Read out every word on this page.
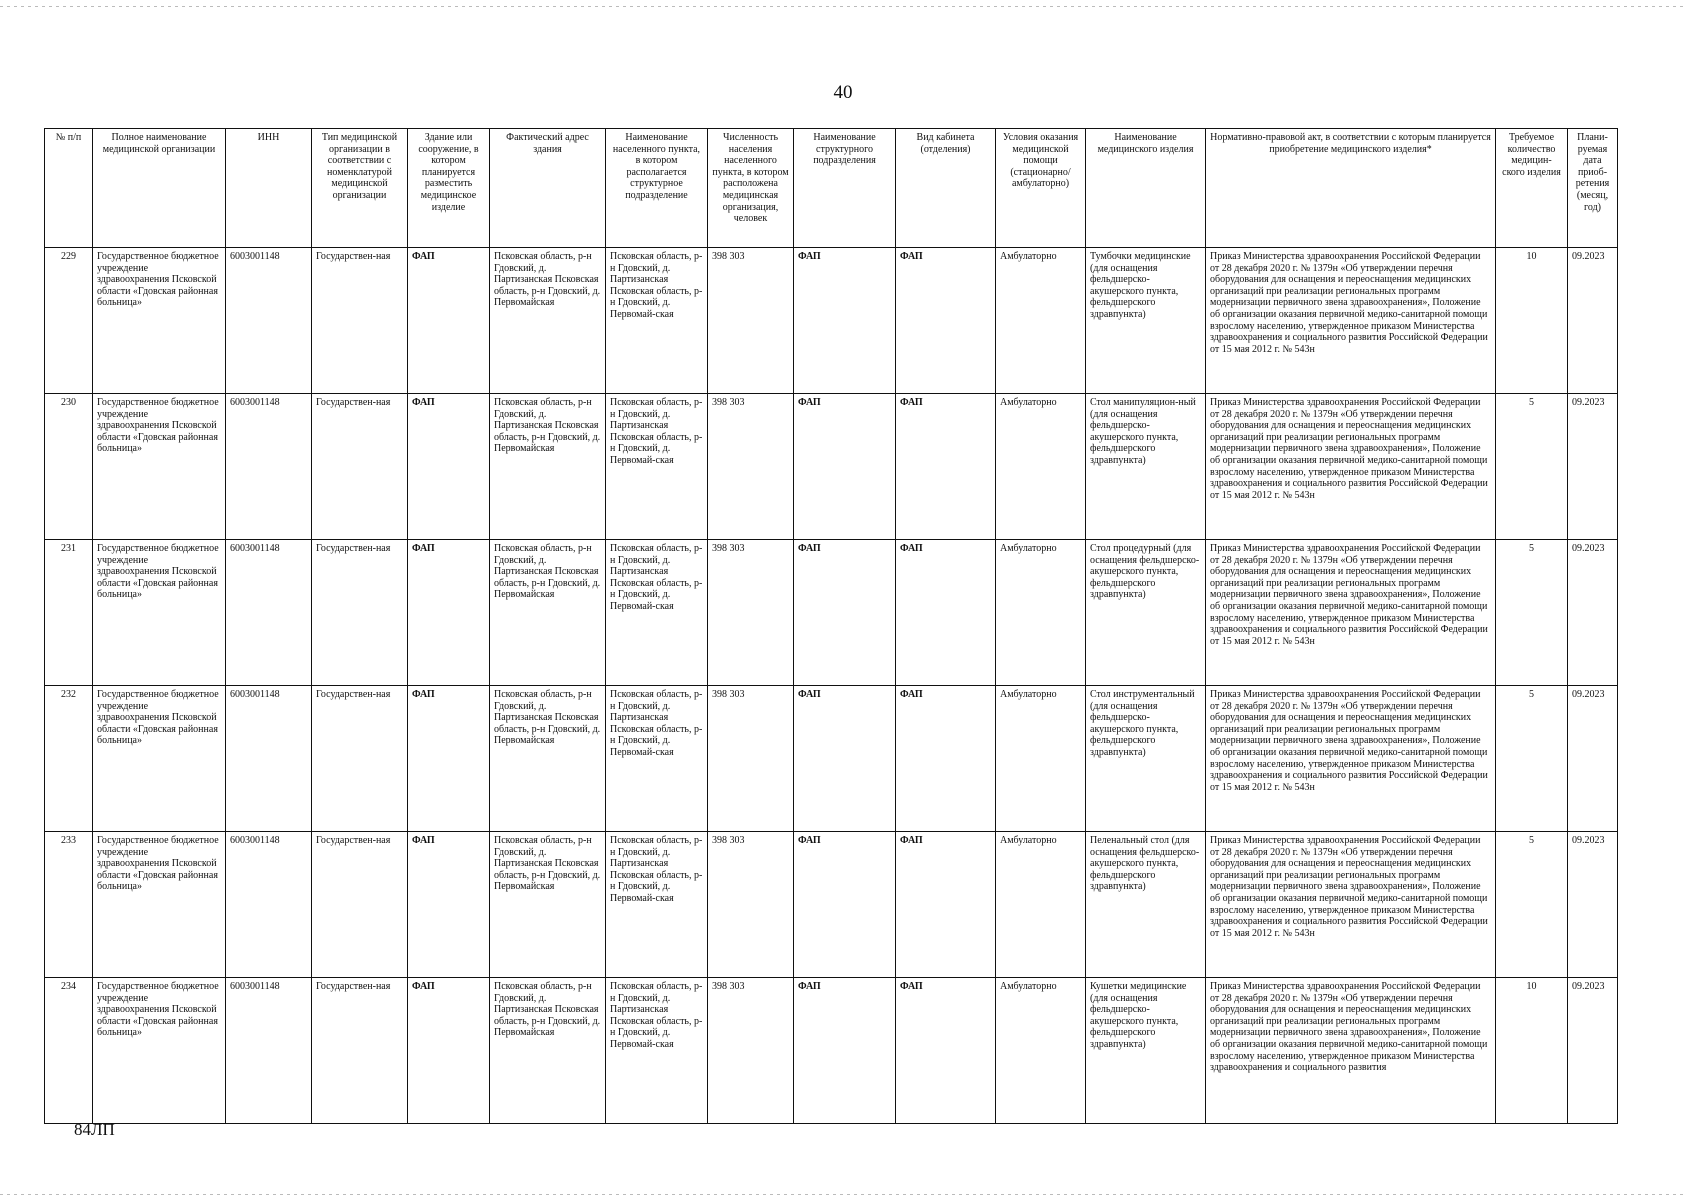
40
№ п/п	Полное наименование медицинской организации	ИНН	Тип медицинской организации в соответствии с номенклатурой медицинской организации	Здание или сооружение, в котором планируется разместить медицинское изделие	Фактический адрес здания	Наименование населенного пункта, в котором располагается структурное подразделение	Численность населения населенного пункта, в котором расположена медицинская организация, человек	Наименование структурного подразделения	Вид кабинета (отделения)	Условия оказания медицинской помощи (стационарно/ амбулаторно)	Наименование медицинского изделия	Нормативно-правовой акт, в соответствии с которым планируется приобретение медицинского изделия*	Требуемое количество медицин-ского изделия	Плани-руемая дата приоб-ретения (месяц, год)
229	Государственное бюджетное учреждение здравоохранения Псковской области «Гдовская районная больница»	6003001148	Государствен-ная	ФАП	Псковская область, р-н Гдовский, д. Партизанская Псковская область, р-н Гдовский, д. Первомайская	Псковская область, р-н Гдовский, д. Партизанская Псковская область, р-н Гдовский, д. Первомай-ская	398 303	ФАП	ФАП	Амбулаторно	Тумбочки медицинские (для оснащения фельдшерско-акушерского пункта, фельдшерского здравпункта)	Приказ Министерства здравоохранения Российской Федерации от 28 декабря 2020 г. № 1379н «Об утверждении перечня оборудования для оснащения и переоснащения медицинских организаций при реализации региональных программ модернизации первичного звена здравоохранения», Положение об организации оказания первичной медико-санитарной помощи взрослому населению, утвержденное приказом Министерства здравоохранения и социального развития Российской Федерации от 15 мая 2012 г. № 543н	10	09.2023
230	Государственное бюджетное учреждение здравоохранения Псковской области «Гдовская районная больница»	6003001148	Государствен-ная	ФАП	Псковская область, р-н Гдовский, д. Партизанская Псковская область, р-н Гдовский, д. Первомайская	Псковская область, р-н Гдовский, д. Партизанская Псковская область, р-н Гдовский, д. Первомай-ская	398 303	ФАП	ФАП	Амбулаторно	Стол манипуляцион-ный (для оснащения фельдшерско-акушерского пункта, фельдшерского здравпункта)	Приказ Министерства здравоохранения Российской Федерации от 28 декабря 2020 г. № 1379н «Об утверждении перечня оборудования для оснащения и переоснащения медицинских организаций при реализации региональных программ модернизации первичного звена здравоохранения», Положение об организации оказания первичной медико-санитарной помощи взрослому населению, утвержденное приказом Министерства здравоохранения и социального развития Российской Федерации от 15 мая 2012 г. № 543н	5	09.2023
231	Государственное бюджетное учреждение здравоохранения Псковской области «Гдовская районная больница»	6003001148	Государствен-ная	ФАП	Псковская область, р-н Гдовский, д. Партизанская Псковская область, р-н Гдовский, д. Первомайская	Псковская область, р-н Гдовский, д. Партизанская Псковская область, р-н Гдовский, д. Первомай-ская	398 303	ФАП	ФАП	Амбулаторно	Стол процедурный (для оснащения фельдшерско-акушерского пункта, фельдшерского здравпункта)	Приказ Министерства здравоохранения Российской Федерации от 28 декабря 2020 г. № 1379н «Об утверждении перечня оборудования для оснащения и переоснащения медицинских организаций при реализации региональных программ модернизации первичного звена здравоохранения», Положение об организации оказания первичной медико-санитарной помощи взрослому населению, утвержденное приказом Министерства здравоохранения и социального развития Российской Федерации от 15 мая 2012 г. № 543н	5	09.2023
232	Государственное бюджетное учреждение здравоохранения Псковской области «Гдовская районная больница»	6003001148	Государствен-ная	ФАП	Псковская область, р-н Гдовский, д. Партизанская Псковская область, р-н Гдовский, д. Первомайская	Псковская область, р-н Гдовский, д. Партизанская Псковская область, р-н Гдовский, д. Первомай-ская	398 303	ФАП	ФАП	Амбулаторно	Стол инструментальный (для оснащения фельдшерско-акушерского пункта, фельдшерского здравпункта)	Приказ Министерства здравоохранения Российской Федерации от 28 декабря 2020 г. № 1379н «Об утверждении перечня оборудования для оснащения и переоснащения медицинских организаций при реализации региональных программ модернизации первичного звена здравоохранения», Положение об организации оказания первичной медико-санитарной помощи взрослому населению, утвержденное приказом Министерства здравоохранения и социального развития Российской Федерации от 15 мая 2012 г. № 543н	5	09.2023
233	Государственное бюджетное учреждение здравоохранения Псковской области «Гдовская районная больница»	6003001148	Государствен-ная	ФАП	Псковская область, р-н Гдовский, д. Партизанская Псковская область, р-н Гдовский, д. Первомайская	Псковская область, р-н Гдовский, д. Партизанская Псковская область, р-н Гдовский, д. Первомай-ская	398 303	ФАП	ФАП	Амбулаторно	Пеленальный стол (для оснащения фельдшерско-акушерского пункта, фельдшерского здравпункта)	Приказ Министерства здравоохранения Российской Федерации от 28 декабря 2020 г. № 1379н «Об утверждении перечня оборудования для оснащения и переоснащения медицинских организаций при реализации региональных программ модернизации первичного звена здравоохранения», Положение об организации оказания первичной медико-санитарной помощи взрослому населению, утвержденное приказом Министерства здравоохранения и социального развития Российской Федерации от 15 мая 2012 г. № 543н	5	09.2023
234	Государственное бюджетное учреждение здравоохранения Псковской области «Гдовская районная больница»	6003001148	Государствен-ная	ФАП	Псковская область, р-н Гдовский, д. Партизанская Псковская область, р-н Гдовский, д. Первомайская	Псковская область, р-н Гдовский, д. Партизанская Псковская область, р-н Гдовский, д. Первомай-ская	398 303	ФАП	ФАП	Амбулаторно	Кушетки медицинские (для оснащения фельдшерско-акушерского пункта, фельдшерского здравпункта)	Приказ Министерства здравоохранения Российской Федерации от 28 декабря 2020 г. № 1379н «Об утверждении перечня оборудования для оснащения и переоснащения медицинских организаций при реализации региональных программ модернизации первичного звена здравоохранения», Положение об организации оказания первичной медико-санитарной помощи взрослому населению, утвержденное приказом Министерства здравоохранения и социального развития	10	09.2023
84ЛП
